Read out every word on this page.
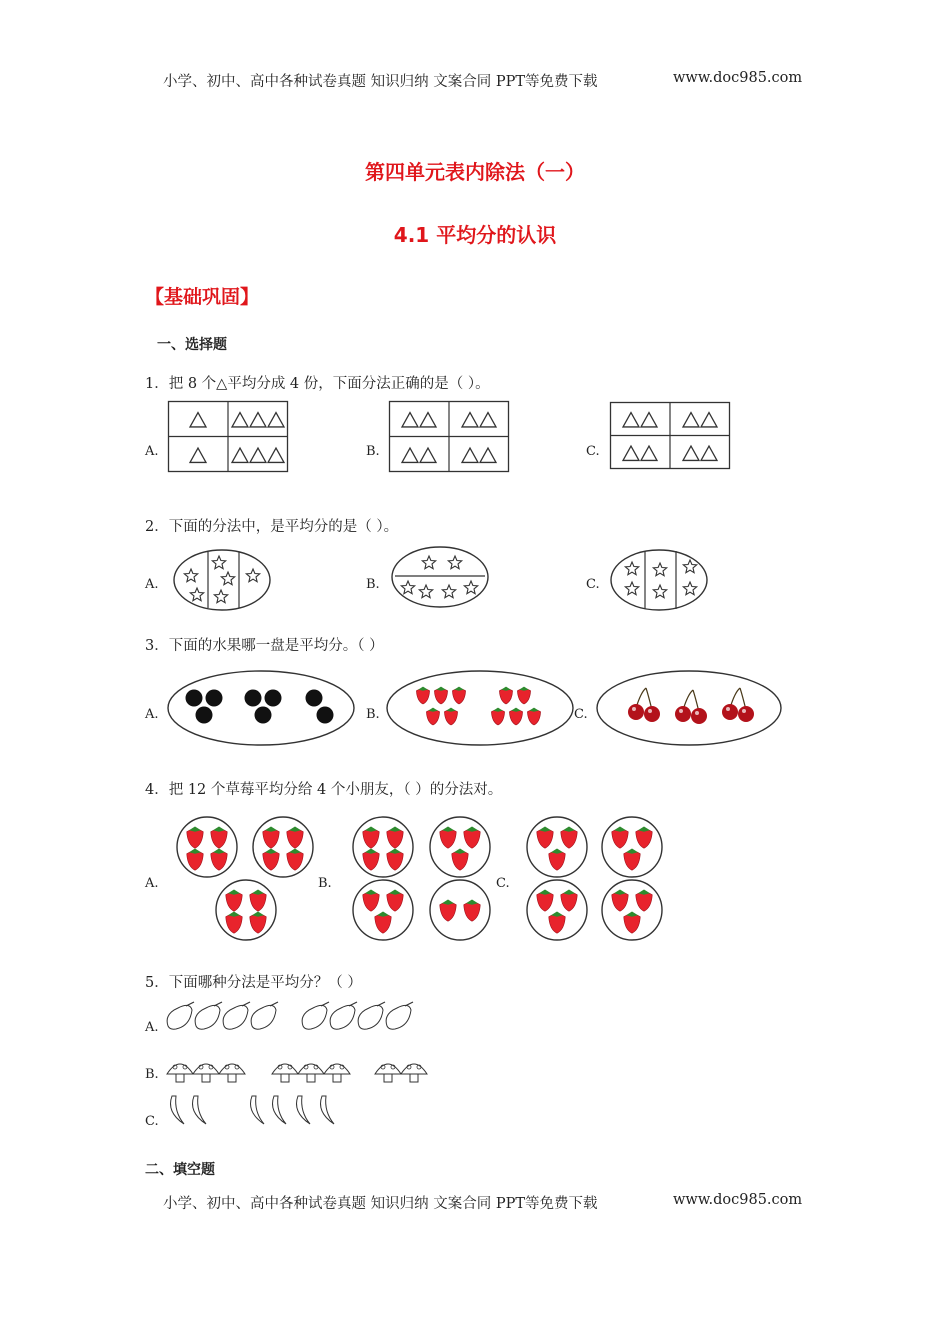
小学、初中、高中各种试卷真题 知识归纳 文案合同 PPT等免费下载	www.doc985.com
第四单元表内除法（一）
4.1 平均分的认识
【基础巩固】
一、选择题
1．把 8 个△平均分成 4 份，下面分法正确的是（ ）。
A.	B.	C.
2．下面的分法中，是平均分的是（ ）。
A.	B.	C.
3．下面的水果哪一盘是平均分。（ ）
A.	B.	C.
4．把 12 个草莓平均分给 4 个小朋友，（ ）的分法对。
A.	B.	C.
5．下面哪种分法是平均分？（ ）
A.
B.
C.
二、填空题
小学、初中、高中各种试卷真题 知识归纳 文案合同 PPT等免费下载	www.doc985.com
